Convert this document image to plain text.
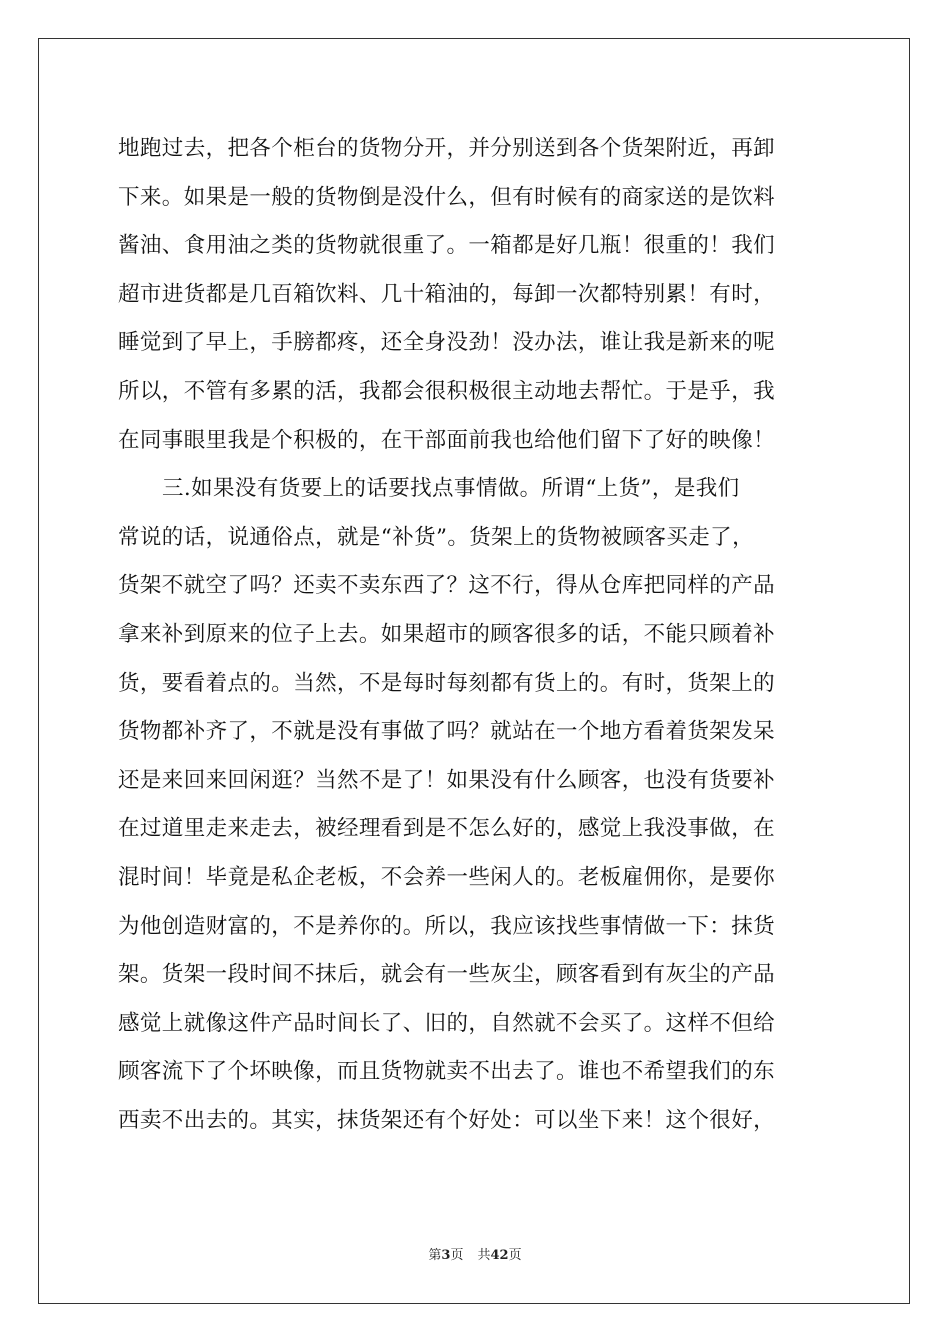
地跑过去，把各个柜台的货物分开，并分别送到各个货架附近，再卸
下来。如果是一般的货物倒是没什么，但有时候有的商家送的是饮料
酱油、食用油之类的货物就很重了。一箱都是好几瓶！很重的！我们
超市进货都是几百箱饮料、几十箱油的，每卸一次都特别累！有时，
睡觉到了早上，手膀都疼，还全身没劲！没办法，谁让我是新来的呢
所以，不管有多累的活，我都会很积极很主动地去帮忙。于是乎，我
在同事眼里我是个积极的，在干部面前我也给他们留下了好的映像！
三.如果没有货要上的话要找点事情做。所谓“上货”，是我们
常说的话，说通俗点，就是“补货”。货架上的货物被顾客买走了，
货架不就空了吗？还卖不卖东西了？这不行，得从仓库把同样的产品
拿来补到原来的位子上去。如果超市的顾客很多的话，不能只顾着补
货，要看着点的。当然，不是每时每刻都有货上的。有时，货架上的
货物都补齐了，不就是没有事做了吗？就站在一个地方看着货架发呆
还是来回来回闲逛？当然不是了！如果没有什么顾客，也没有货要补
在过道里走来走去，被经理看到是不怎么好的，感觉上我没事做，在
混时间！毕竟是私企老板，不会养一些闲人的。老板雇佣你，是要你
为他创造财富的，不是养你的。所以，我应该找些事情做一下：抹货
架。货架一段时间不抹后，就会有一些灰尘，顾客看到有灰尘的产品
感觉上就像这件产品时间长了、旧的，自然就不会买了。这样不但给
顾客流下了个坏映像，而且货物就卖不出去了。谁也不希望我们的东
西卖不出去的。其实，抹货架还有个好处：可以坐下来！这个很好，
第3页 共42页
